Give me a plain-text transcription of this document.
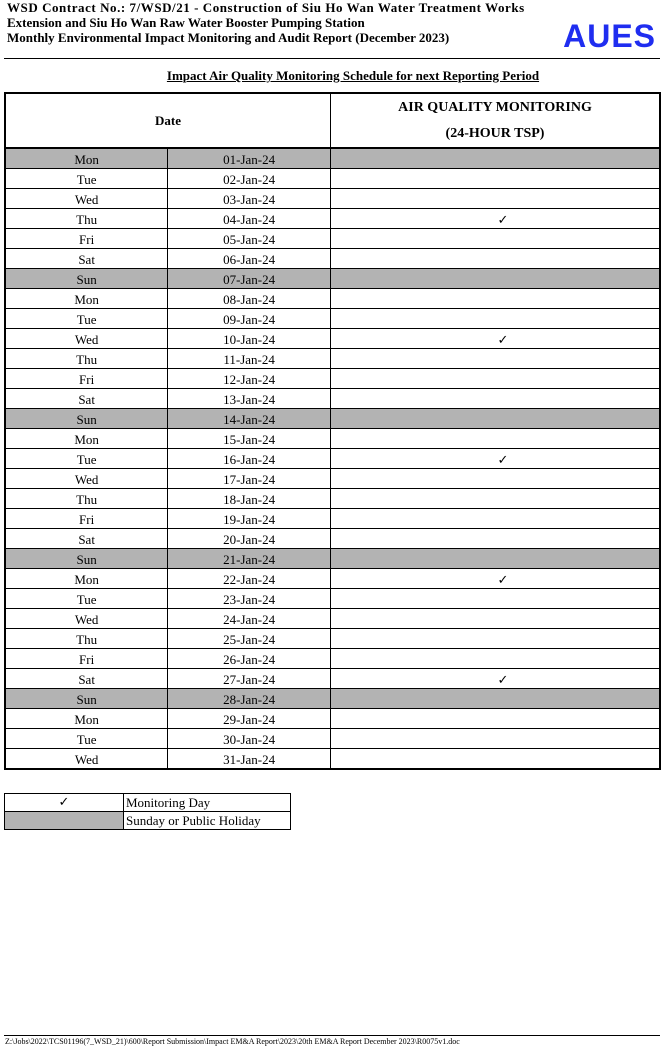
WSD Contract No.: 7/WSD/21 - Construction of Siu Ho Wan Water Treatment Works
Extension and Siu Ho Wan Raw Water Booster Pumping Station
Monthly Environmental Impact Monitoring and Audit Report (December 2023)	AUES
Impact Air Quality Monitoring Schedule for next Reporting Period
Date		AIR QUALITY MONITORING
(24-HOUR TSP)

Mon	01-Jan-24	
Tue	02-Jan-24	
Wed	03-Jan-24	
Thu	04-Jan-24	✓
Fri	05-Jan-24	
Sat	06-Jan-24	
Sun	07-Jan-24	
Mon	08-Jan-24	
Tue	09-Jan-24	
Wed	10-Jan-24	✓
Thu	11-Jan-24	
Fri	12-Jan-24	
Sat	13-Jan-24	
Sun	14-Jan-24	
Mon	15-Jan-24	
Tue	16-Jan-24	✓
Wed	17-Jan-24	
Thu	18-Jan-24	
Fri	19-Jan-24	
Sat	20-Jan-24	
Sun	21-Jan-24	
Mon	22-Jan-24	✓
Tue	23-Jan-24	
Wed	24-Jan-24	
Thu	25-Jan-24	
Fri	26-Jan-24	
Sat	27-Jan-24	✓
Sun	28-Jan-24	
Mon	29-Jan-24	
Tue	30-Jan-24	
Wed	31-Jan-24	
✓	Monitoring Day
	Sunday or Public Holiday
Z:\Jobs\2022\TCS01196(7_WSD_21)\600\Report Submission\Impact EM&A Report\2023\20th EM&A Report December 2023\R0075v1.doc
